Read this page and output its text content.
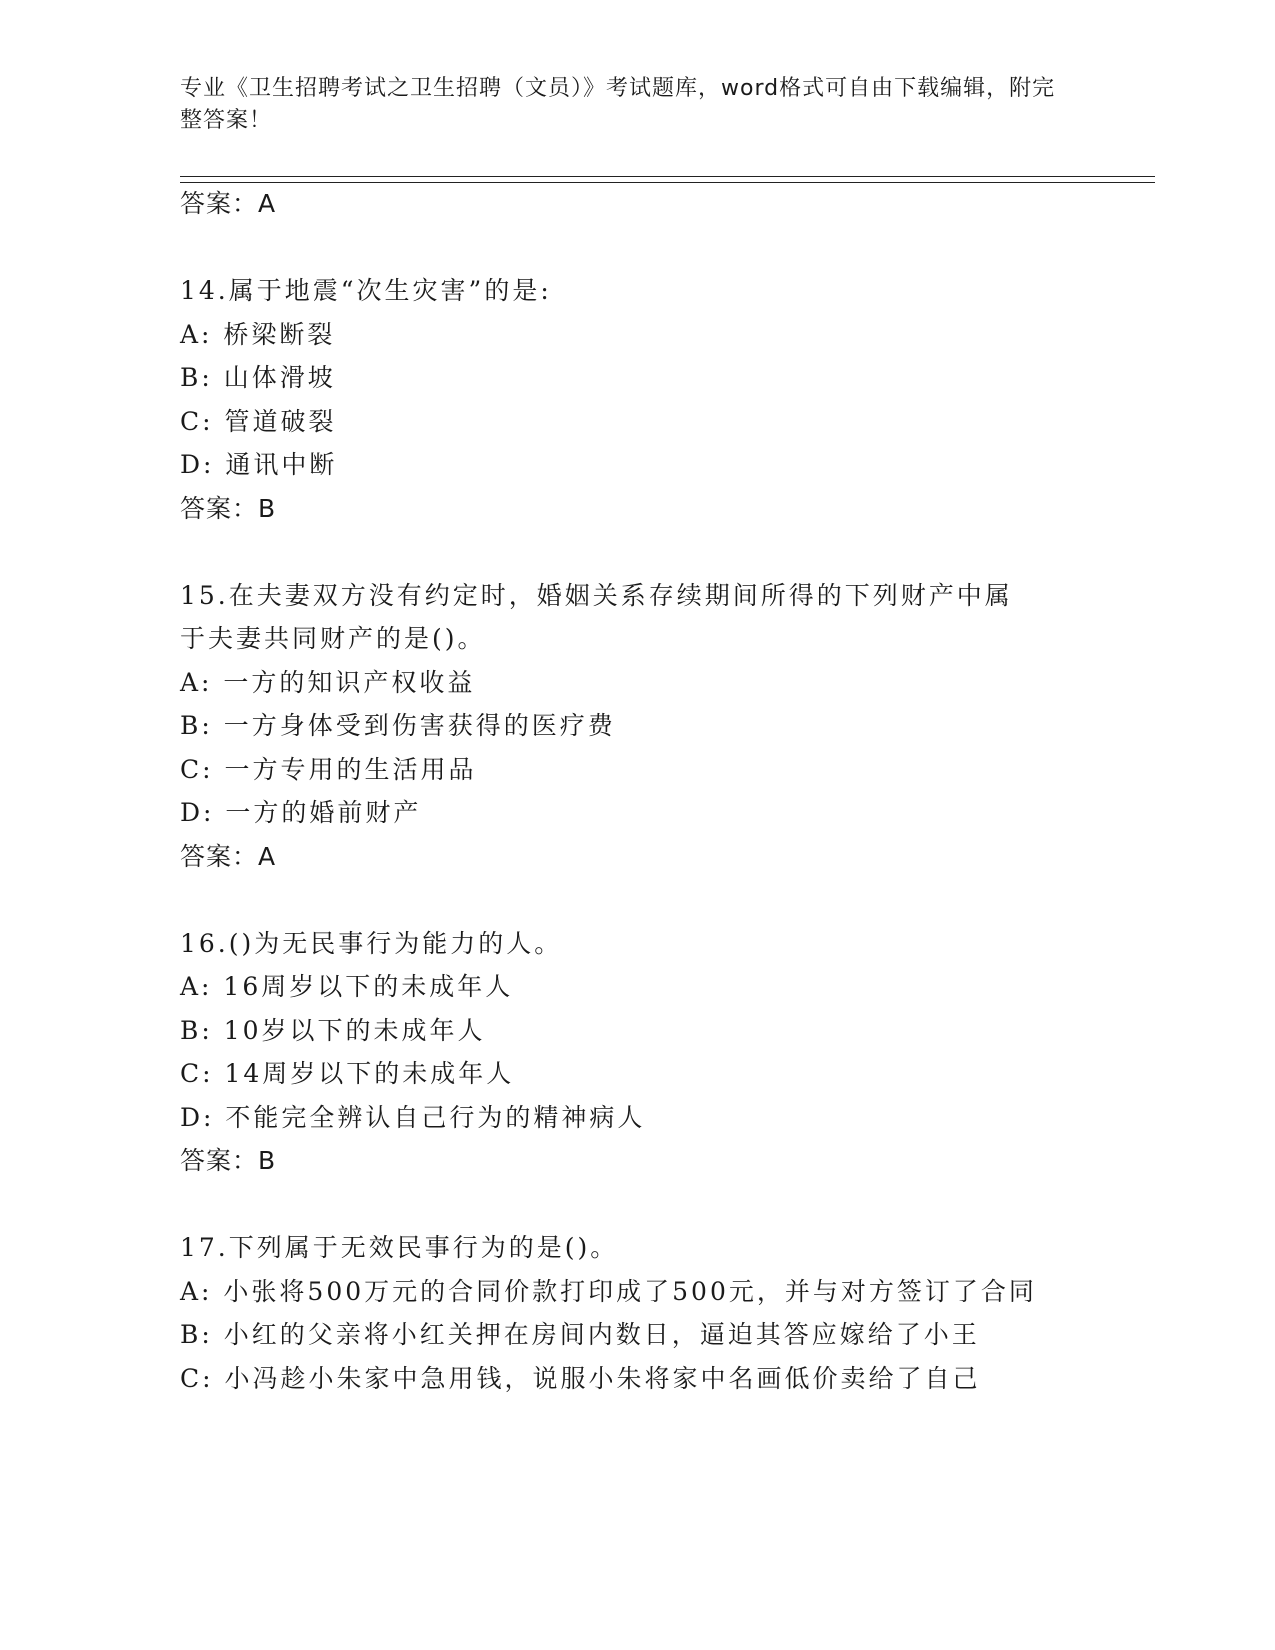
专业《卫生招聘考试之卫生招聘（文员）》考试题库，word格式可自由下载编辑，附完整答案！
答案：A
14.属于地震“次生灾害”的是:
A: 桥梁断裂
B: 山体滑坡
C: 管道破裂
D: 通讯中断
答案：B
15.在夫妻双方没有约定时，婚姻关系存续期间所得的下列财产中属于夫妻共同财产的是()。
A: 一方的知识产权收益
B: 一方身体受到伤害获得的医疗费
C: 一方专用的生活用品
D: 一方的婚前财产
答案：A
16.()为无民事行为能力的人。
A: 16周岁以下的未成年人
B: 10岁以下的未成年人
C: 14周岁以下的未成年人
D: 不能完全辨认自己行为的精神病人
答案：B
17.下列属于无效民事行为的是()。
A: 小张将500万元的合同价款打印成了500元，并与对方签订了合同
B: 小红的父亲将小红关押在房间内数日，逼迫其答应嫁给了小王
C: 小冯趁小朱家中急用钱，说服小朱将家中名画低价卖给了自己
